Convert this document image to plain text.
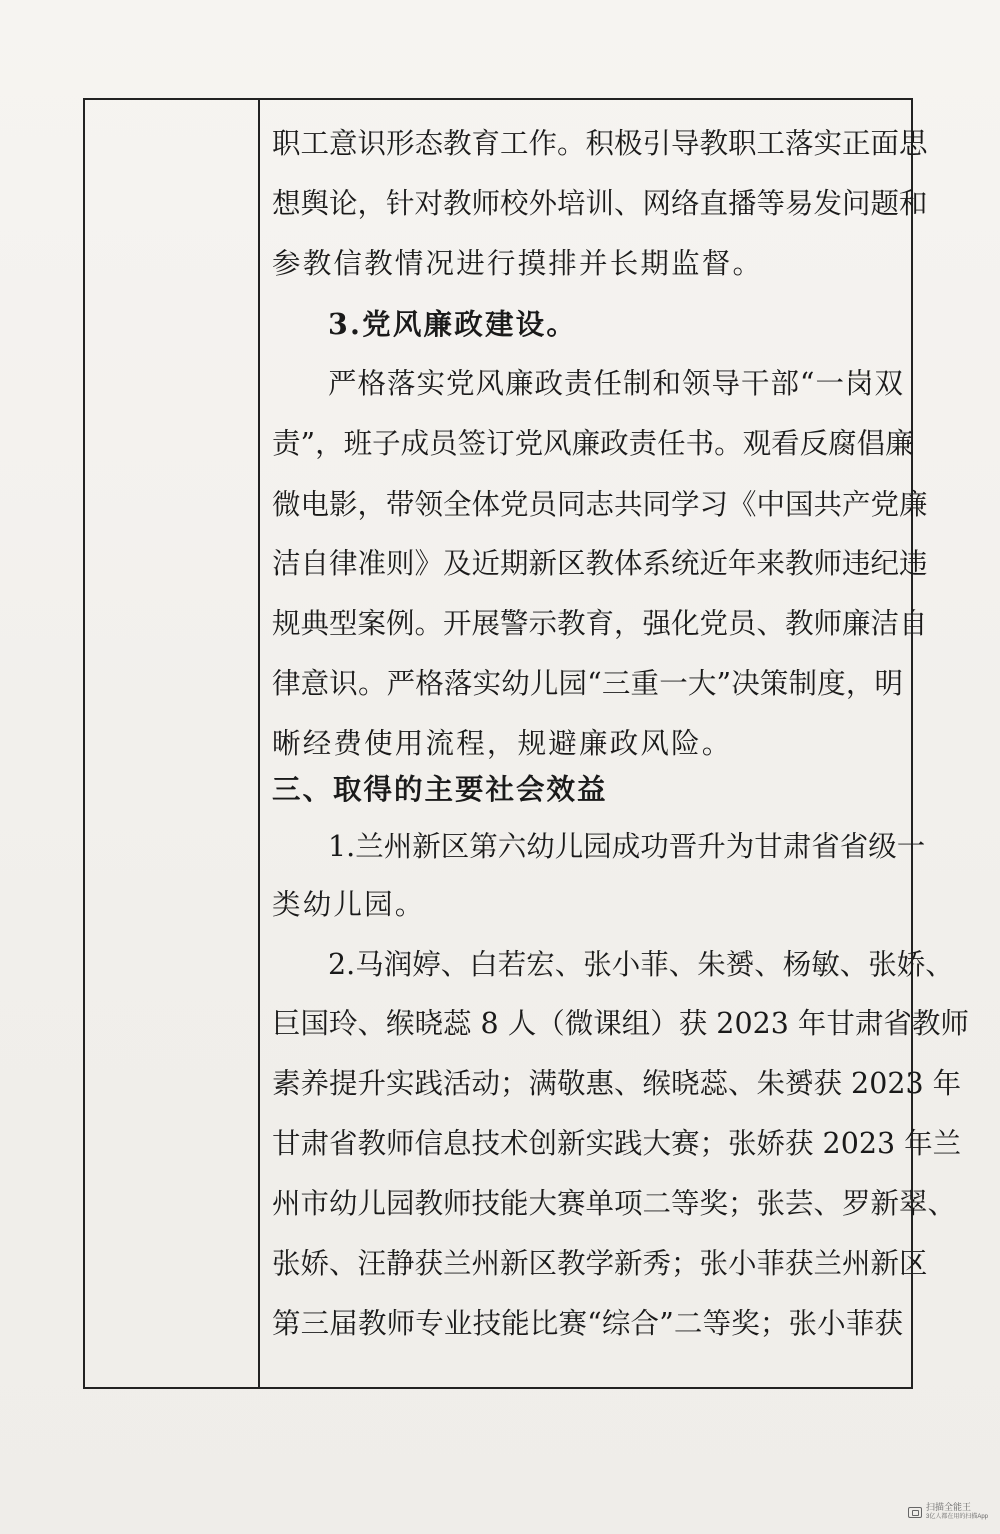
职工意识形态教育工作。积极引导教职工落实正面思
想舆论，针对教师校外培训、网络直播等易发问题和
参教信教情况进行摸排并长期监督。
3.党风廉政建设。
严格落实党风廉政责任制和领导干部“一岗双
责”，班子成员签订党风廉政责任书。观看反腐倡廉
微电影，带领全体党员同志共同学习《中国共产党廉
洁自律准则》及近期新区教体系统近年来教师违纪违
规典型案例。开展警示教育，强化党员、教师廉洁自
律意识。严格落实幼儿园“三重一大”决策制度，明
晰经费使用流程，规避廉政风险。
三、取得的主要社会效益
1.兰州新区第六幼儿园成功晋升为甘肃省省级一
类幼儿园。
2.马润婷、白若宏、张小菲、朱赟、杨敏、张娇、
巨国玲、缑晓蕊 8 人（微课组）获 2023 年甘肃省教师
素养提升实践活动；满敬惠、缑晓蕊、朱赟获 2023 年
甘肃省教师信息技术创新实践大赛；张娇获 2023 年兰
州市幼儿园教师技能大赛单项二等奖；张芸、罗新翠、
张娇、汪静获兰州新区教学新秀；张小菲获兰州新区
第三届教师专业技能比赛“综合”二等奖；张小菲获
扫描全能王
3亿人都在用的扫描App
